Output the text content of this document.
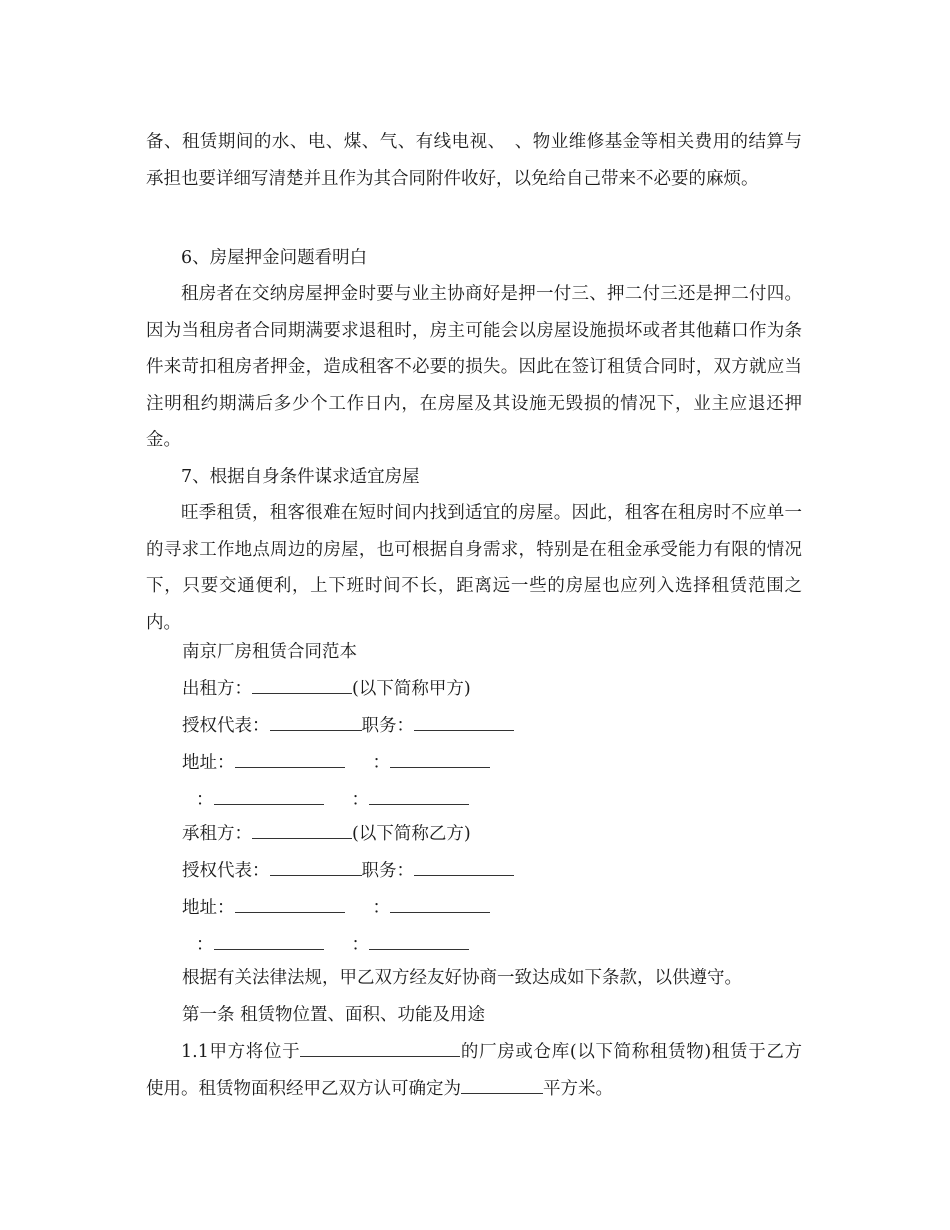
备、租赁期间的水、电、煤、气、有线电视、　、物业维修基金等相关费用的结算与承担也要详细写清楚并且作为其合同附件收好，以免给自己带来不必要的麻烦。

6、房屋押金问题看明白

租房者在交纳房屋押金时要与业主协商好是押一付三、押二付三还是押二付四。因为当租房者合同期满要求退租时，房主可能会以房屋设施损坏或者其他藉口作为条件来苛扣租房者押金，造成租客不必要的损失。因此在签订租赁合同时，双方就应当注明租约期满后多少个工作日内，在房屋及其设施无毁损的情况下，业主应退还押金。

7、根据自身条件谋求适宜房屋

旺季租赁，租客很难在短时间内找到适宜的房屋。因此，租客在租房时不应单一的寻求工作地点周边的房屋，也可根据自身需求，特别是在租金承受能力有限的情况下，只要交通便利，上下班时间不长，距离远一些的房屋也应列入选择租赁范围之内。

南京厂房租赁合同范本

出租方：	(以下简称甲方)

授权代表：	职务：

地址：	：

：	：

承租方：	(以下简称乙方)

授权代表：	职务：

地址：	：

：	：

根据有关法律法规，甲乙双方经友好协商一致达成如下条款，以供遵守。

第一条 租赁物位置、面积、功能及用途

1.1甲方将位于	的厂房或仓库(以下简称租赁物)租赁于乙方使用。租赁物面积经甲乙双方认可确定为	平方米。
